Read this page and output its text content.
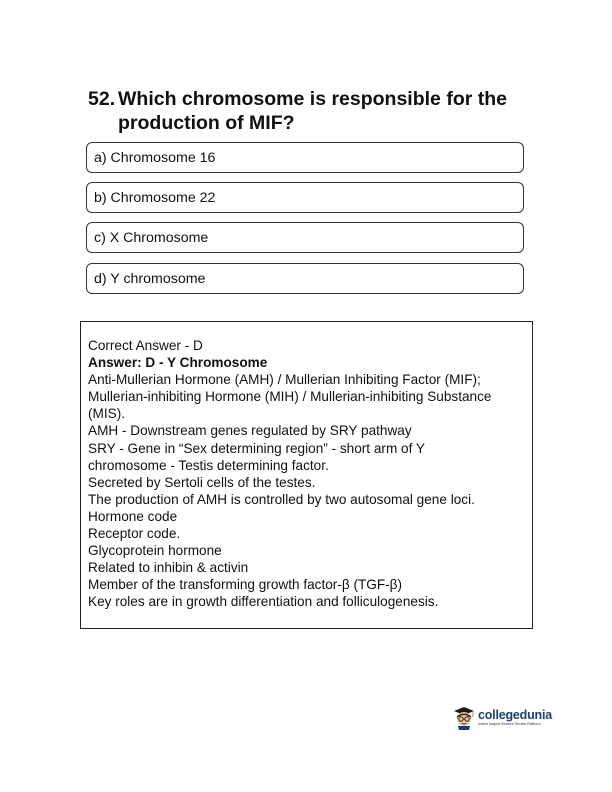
52. Which chromosome is responsible for the production of MIF?
a) Chromosome 16
b) Chromosome 22
c) X Chromosome
d) Y chromosome
Correct Answer - D
Answer: D - Y Chromosome
Anti-Mullerian Hormone (AMH) / Mullerian Inhibiting Factor (MIF);
Mullerian-inhibiting Hormone (MIH) / Mullerian-inhibiting Substance (MIS).
AMH - Downstream genes regulated by SRY pathway
SRY - Gene in “Sex determining region” - short arm of Y chromosome - Testis determining factor.
Secreted by Sertoli cells of the testes.
The production of AMH is controlled by two autosomal gene loci.
Hormone code
Receptor code.
Glycoprotein hormone
Related to inhibin & activin
Member of the transforming growth factor-β (TGF-β)
Key roles are in growth differentiation and folliculogenesis.
collegedunia
India's largest Student Review Platform
